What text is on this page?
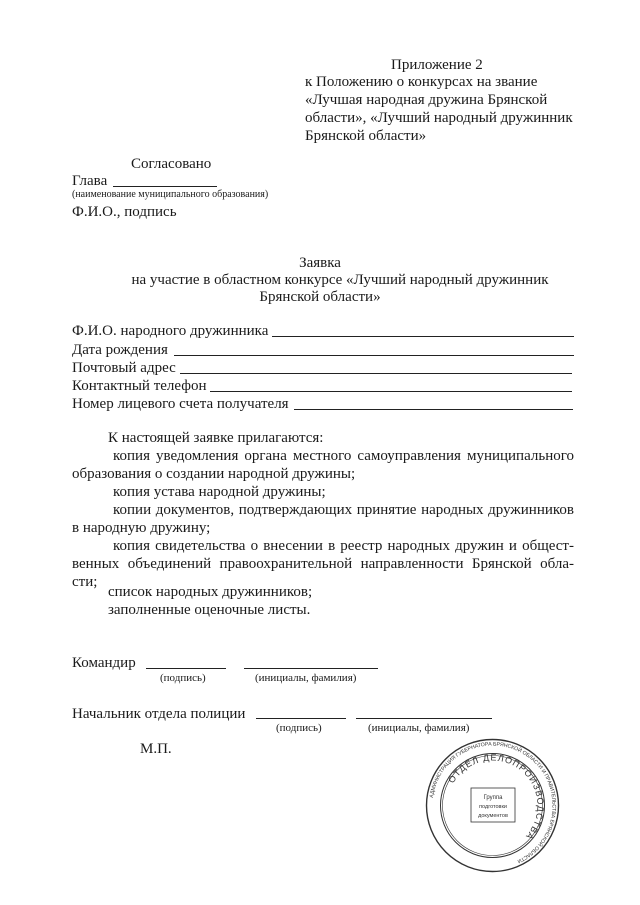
Приложение 2
к Положению о конкурсах на звание
«Лучшая народная дружина Брянской
области», «Лучший народный дружинник
Брянской области»
Согласовано
Глава
(наименование муниципального образования)
Ф.И.О., подпись
Заявка
на участие в областном конкурсе «Лучший народный дружинник
Брянской области»
Ф.И.О. народного дружинника
Дата рождения
Почтовый адрес
Контактный телефон
Номер лицевого счета получателя
К настоящей заявке прилагаются:
копия уведомления органа местного самоуправления муниципального
образования о создании народной дружины;
копия устава народной дружины;
копии документов, подтверждающих принятие народных дружинников
в народную дружину;
копия свидетельства о внесении в реестр народных дружин и общест-
венных объединений правоохранительной направленности Брянской обла-
сти;
список народных дружинников;
заполненные оценочные листы.
Командир
(подпись)	(инициалы, фамилия)
Начальник отдела полиции
(подпись)	(инициалы, фамилия)
М.П.
АДМИНИСТРАЦИЯ ГУБЕРНАТОРА БРЯНСКОЙ ОБЛАСТИ И ПРАВИТЕЛЬСТВА БРЯНСКОЙ ОБЛАСТИ
ОТДЕЛ ДЕЛОПРОИЗВОДСТВА
Группа
подготовки
документов
